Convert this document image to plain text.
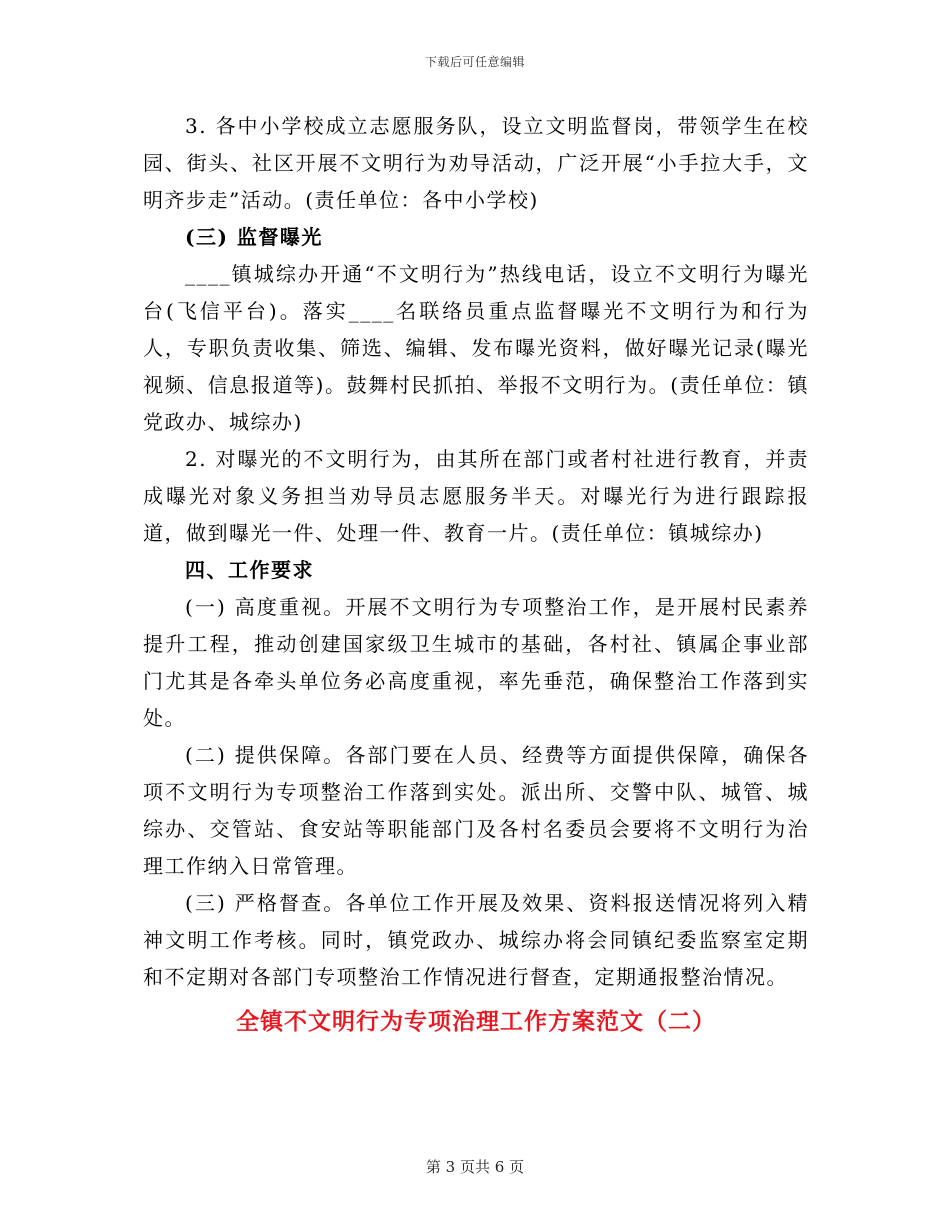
下载后可任意编辑

3. 各中小学校成立志愿服务队，设立文明监督岗，带领学生在校园、街头、社区开展不文明行为劝导活动，广泛开展“小手拉大手，文明齐步走”活动。(责任单位：各中小学校)

(三) 监督曝光

____镇城综办开通“不文明行为”热线电话，设立不文明行为曝光台(飞信平台)。落实____名联络员重点监督曝光不文明行为和行为人，专职负责收集、筛选、编辑、发布曝光资料，做好曝光记录(曝光视频、信息报道等)。鼓舞村民抓拍、举报不文明行为。(责任单位：镇党政办、城综办)

2. 对曝光的不文明行为，由其所在部门或者村社进行教育，并责成曝光对象义务担当劝导员志愿服务半天。对曝光行为进行跟踪报道，做到曝光一件、处理一件、教育一片。(责任单位：镇城综办)

四、工作要求

(一) 高度重视。开展不文明行为专项整治工作，是开展村民素养提升工程，推动创建国家级卫生城市的基础，各村社、镇属企事业部门尤其是各牵头单位务必高度重视，率先垂范，确保整治工作落到实处。

(二) 提供保障。各部门要在人员、经费等方面提供保障，确保各项不文明行为专项整治工作落到实处。派出所、交警中队、城管、城综办、交管站、食安站等职能部门及各村名委员会要将不文明行为治理工作纳入日常管理。

(三) 严格督查。各单位工作开展及效果、资料报送情况将列入精神文明工作考核。同时，镇党政办、城综办将会同镇纪委监察室定期和不定期对各部门专项整治工作情况进行督查，定期通报整治情况。

全镇不文明行为专项治理工作方案范文（二）

第 3 页共 6 页
